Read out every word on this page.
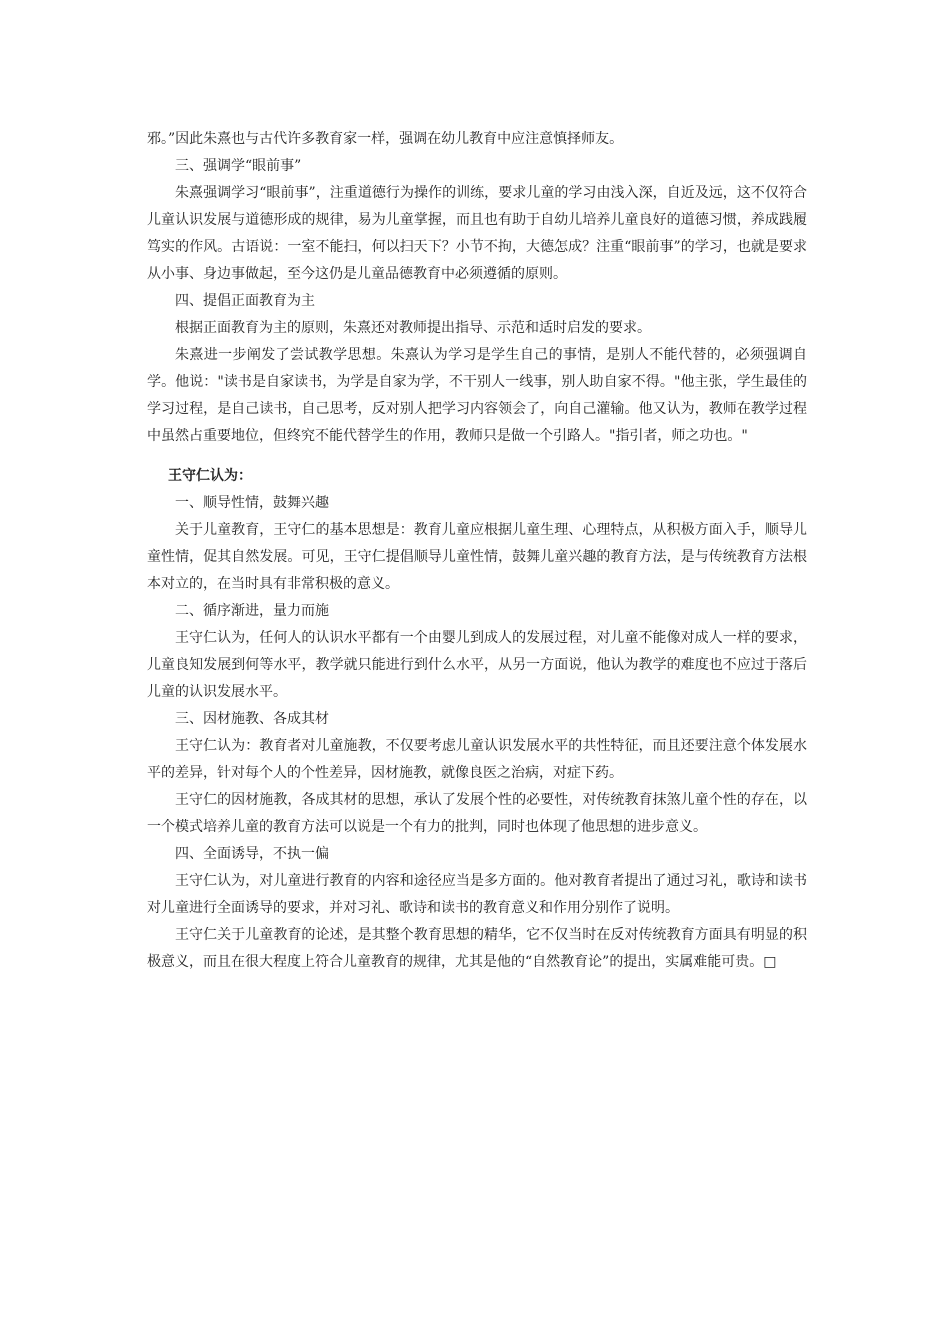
邪。”因此朱熹也与古代许多教育家一样，强调在幼儿教育中应注意慎择师友。

三、强调学“眼前事”

朱熹强调学习“眼前事”，注重道德行为操作的训练，要求儿童的学习由浅入深，自近及远，这不仅符合儿童认识发展与道德形成的规律，易为儿童掌握，而且也有助于自幼儿培养儿童良好的道德习惯，养成践履笃实的作风。古语说：一室不能扫，何以扫天下？小节不拘，大德怎成？注重“眼前事”的学习，也就是要求从小事、身边事做起，至今这仍是儿童品德教育中必须遵循的原则。

四、提倡正面教育为主

根据正面教育为主的原则，朱熹还对教师提出指导、示范和适时启发的要求。

朱熹进一步阐发了尝试教学思想。朱熹认为学习是学生自己的事情，是别人不能代替的，必须强调自学。他说："读书是自家读书，为学是自家为学，不干别人一线事，别人助自家不得。"他主张，学生最佳的学习过程，是自己读书，自己思考，反对别人把学习内容领会了，向自己灌输。他又认为，教师在教学过程中虽然占重要地位，但终究不能代替学生的作用，教师只是做一个引路人。"指引者，师之功也。"

王守仁认为：

一、顺导性情，鼓舞兴趣

关于儿童教育，王守仁的基本思想是：教育儿童应根据儿童生理、心理特点，从积极方面入手，顺导儿童性情，促其自然发展。可见，王守仁提倡顺导儿童性情，鼓舞儿童兴趣的教育方法，是与传统教育方法根本对立的，在当时具有非常积极的意义。

二、循序渐进，量力而施

王守仁认为，任何人的认识水平都有一个由婴儿到成人的发展过程，对儿童不能像对成人一样的要求，儿童良知发展到何等水平，教学就只能进行到什么水平，从另一方面说，他认为教学的难度也不应过于落后儿童的认识发展水平。

三、因材施教、各成其材

王守仁认为：教育者对儿童施教，不仅要考虑儿童认识发展水平的共性特征，而且还要注意个体发展水平的差异，针对每个人的个性差异，因材施教，就像良医之治病，对症下药。

王守仁的因材施教，各成其材的思想，承认了发展个性的必要性，对传统教育抹煞儿童个性的存在，以一个模式培养儿童的教育方法可以说是一个有力的批判，同时也体现了他思想的进步意义。

四、全面诱导，不执一偏

王守仁认为，对儿童进行教育的内容和途径应当是多方面的。他对教育者提出了通过习礼，歌诗和读书对儿童进行全面诱导的要求，并对习礼、歌诗和读书的教育意义和作用分别作了说明。

王守仁关于儿童教育的论述，是其整个教育思想的精华，它不仅当时在反对传统教育方面具有明显的积极意义，而且在很大程度上符合儿童教育的规律，尤其是他的“自然教育论”的提出，实属难能可贵。□
